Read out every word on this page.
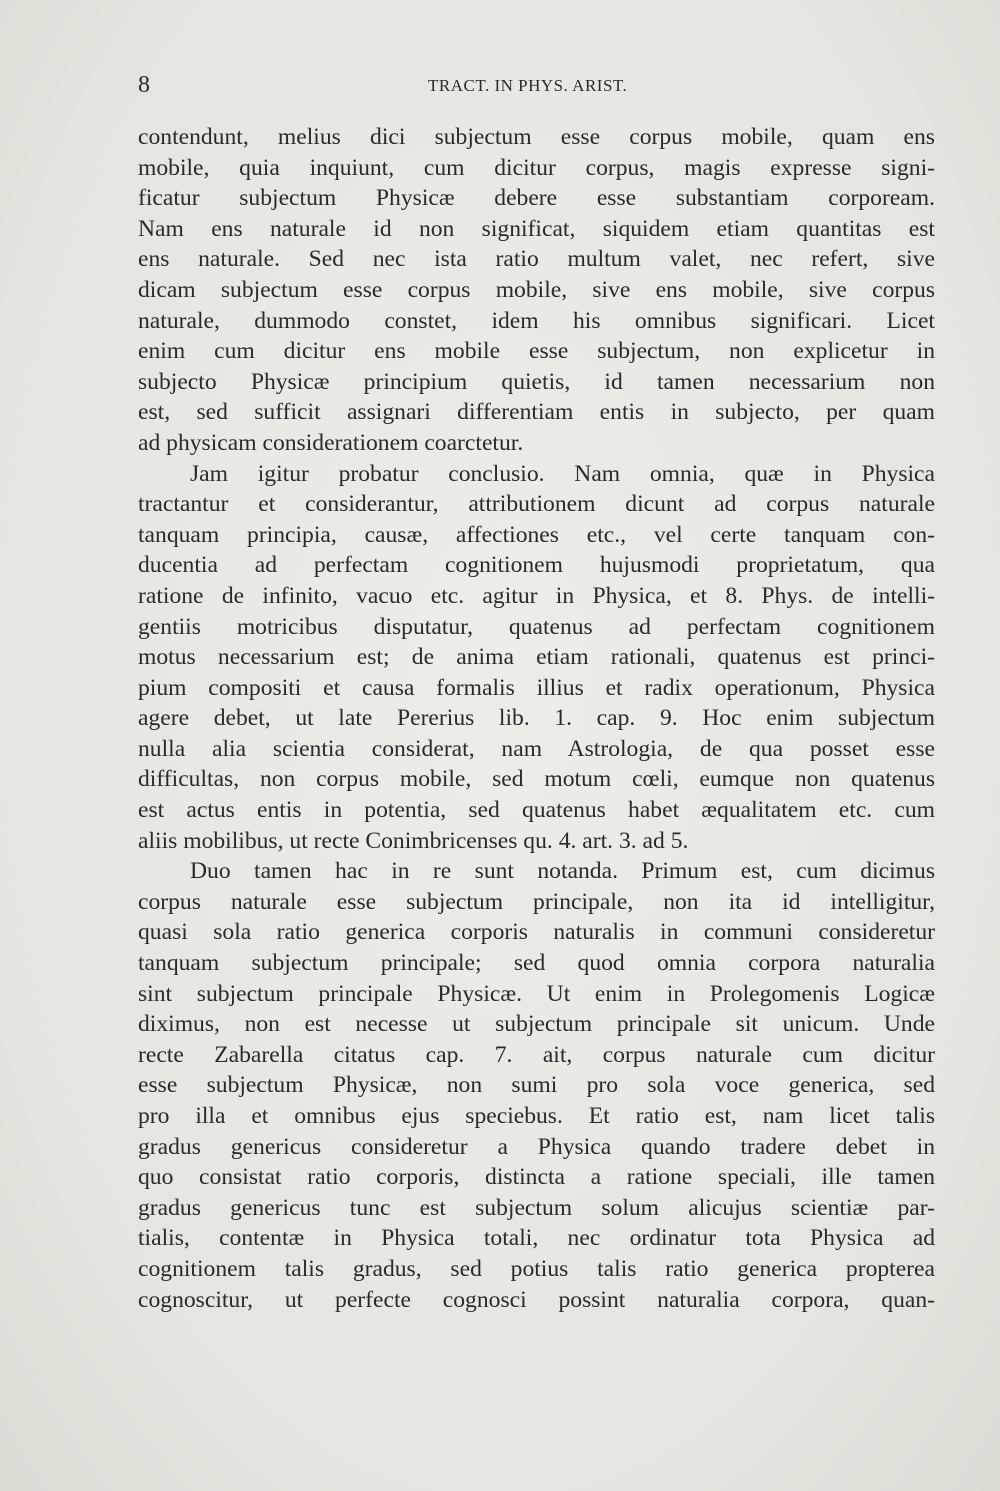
8	TRACT. IN PHYS. ARIST.
contendunt, melius dici subjectum esse corpus mobile, quam ens
mobile, quia inquiunt, cum dicitur corpus, magis expresse signi-
ficatur subjectum Physicæ debere esse substantiam corpoream.
Nam ens naturale id non significat, siquidem etiam quantitas est
ens naturale. Sed nec ista ratio multum valet, nec refert, sive
dicam subjectum esse corpus mobile, sive ens mobile, sive corpus
naturale, dummodo constet, idem his omnibus significari. Licet
enim cum dicitur ens mobile esse subjectum, non explicetur in
subjecto Physicæ principium quietis, id tamen necessarium non
est, sed sufficit assignari differentiam entis in subjecto, per quam
ad physicam considerationem coarctetur.
Jam igitur probatur conclusio. Nam omnia, quæ in Physica
tractantur et considerantur, attributionem dicunt ad corpus naturale
tanquam principia, causæ, affectiones etc., vel certe tanquam con-
ducentia ad perfectam cognitionem hujusmodi proprietatum, qua
ratione de infinito, vacuo etc. agitur in Physica, et 8. Phys. de intelli-
gentiis motricibus disputatur, quatenus ad perfectam cognitionem
motus necessarium est; de anima etiam rationali, quatenus est princi-
pium compositi et causa formalis illius et radix operationum, Physica
agere debet, ut late Pererius lib. 1. cap. 9. Hoc enim subjectum
nulla alia scientia considerat, nam Astrologia, de qua posset esse
difficultas, non corpus mobile, sed motum cœli, eumque non quatenus
est actus entis in potentia, sed quatenus habet æqualitatem etc. cum
aliis mobilibus, ut recte Conimbricenses qu. 4. art. 3. ad 5.
Duo tamen hac in re sunt notanda. Primum est, cum dicimus
corpus naturale esse subjectum principale, non ita id intelligitur,
quasi sola ratio generica corporis naturalis in communi consideretur
tanquam subjectum principale; sed quod omnia corpora naturalia
sint subjectum principale Physicæ. Ut enim in Prolegomenis Logicæ
diximus, non est necesse ut subjectum principale sit unicum. Unde
recte Zabarella citatus cap. 7. ait, corpus naturale cum dicitur
esse subjectum Physicæ, non sumi pro sola voce generica, sed
pro illa et omnibus ejus speciebus. Et ratio est, nam licet talis
gradus genericus consideretur a Physica quando tradere debet in
quo consistat ratio corporis, distincta a ratione speciali, ille tamen
gradus genericus tunc est subjectum solum alicujus scientiæ par-
tialis, contentæ in Physica totali, nec ordinatur tota Physica ad
cognitionem talis gradus, sed potius talis ratio generica propterea
cognoscitur, ut perfecte cognosci possint naturalia corpora, quan-
